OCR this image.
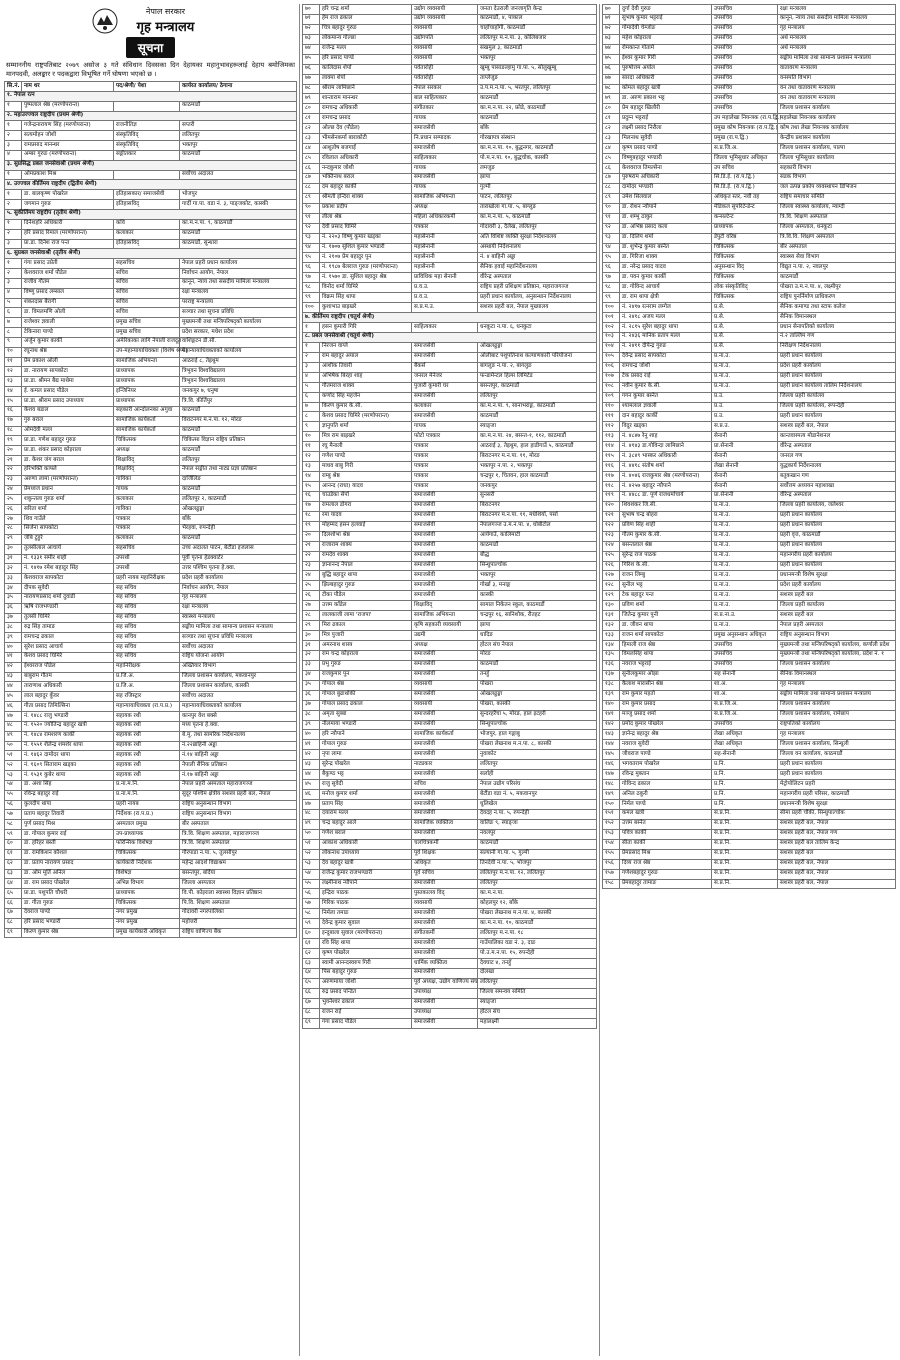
नेपाल सरकार
गृह मन्त्रालय
सूचना
सम्माननीय राष्ट्रपतिबाट २०७९ असोज ३ गते संविधान दिवसका दिन देहायका महानुभावहरूलाई देहाय बमोजिमका मानपदवी, अलङ्कार र पदकद्वारा विभूषित गर्ने घोषणा भएको छ ।
सि.नं.	नाम थर	पद/श्रेणी/ पेशा	कार्यरत कार्यालय/ ठेगाना
१. नेपाल रत्न			
१	पुष्पलाल श्रेष्ठ (मरणोपरान्त)		काठमाडौं
२. महाउज्ज्वल राष्ट्रदीप (प्रथम श्रेणी)			
१	गजेन्द्रनारायण सिंह (मरणोपरान्त)	राजनीतिज्ञ	सप्तरी
२	सत्यमोहन जोशी	संस्कृतिविद्	ललितपुर
३	रामप्रसाद मानन्धर	संस्कृतिविद्	भक्तपुर
४	अम्बर गुरुङ (मरणोपरान्त)	सङ्गीतकार	काठमाडौं
३. सुप्रसिद्ध प्रबल जनसेवाश्री (प्रथम श्रेणी)			
१	ओमप्रकाश मिश्र		सर्वोच्च अदालत
४. उज्ज्वल कीर्तिमय राष्ट्रदीप (द्वितीय श्रेणी)			
१	डा. बालकृष्ण पोखरेल	इतिहासकार/ समाजसेवी	भोजपुर
२	जगमान गुरुङ	इतिहासविद्	गार्दी गा.पा. वडा नं. ३, पाङ्जकोट, कास्की
५. सुकीर्तिमय राष्ट्रदीप (तृतीय श्रेणी)			
१	दिनेशहरि अधिकारी	कवि	का.म.न.पा. ९, काठमाडौं
२	हरि प्रसाद रिमाल (मरणोपरान्त)	कलाकार	काठमाडौं
३	प्रा.डा. दिनेश राज पन्त	इतिहासविद्	काठमाडौं, सुन्धारा
६. सुप्रबल जनसेवाश्री (तृतीय श्रेणी)			
१	गंगा प्रसाद उप्रेती	सहसचिव	नेपाल प्रहरी प्रधान कार्यालय
२	केशवराज शर्मा पौडेल	सचिव	निर्वाचन आयोग, नेपाल
३	राजीव गौतम	सचिव	कानून, न्याय तथा संसदीय मामिला मन्त्रालय
४	विष्णु प्रसाद लम्साल	सचिव	रक्षा मन्त्रालय
५	शंकरदास बैरागी	सचिव	परराष्ट्र मन्त्रालय
६	डा. विमलमणि ओली	सचिव	सञ्चार तथा सूचना प्रविधि
७	राजेश्वर ज्ञवाली	प्रमुख सचिव	मुख्यमन्त्री तथा मन्त्रिपरिषद्को कार्यालय
८	टेकिनारा पाण्डे	प्रमुख सचिव	प्रदेश सरकार, मधेश प्रदेश
९	अर्जुन कुमार कार्की	अमेरिकाका लागि नेपाली राजदूत	वाशिङ्गटन डी.सी.
१०	रघुनाथ श्रेष्ठ	उप-महान्यायाधिवक्ता (विशेष श्रेणी)	महान्यायाधिवक्ताको कार्यालय
११	प्रेम प्रकाश ओली	सामाजिक अभियन्ता	आठराई ८, तेह्रथुम
१२	डा. नारायण सापकोटा	प्राध्यापक	त्रिभुवन विश्वविद्यालय
१३	प्रा.डा. श्रीमन बैद्य माथेमा	प्राध्यापक	त्रिभुवन विश्वविद्यालय
१४	ई. कमल प्रसाद पौडेल	इन्जिनियर	जनकपुर ७, धनुषा
१५	प्रा.डा. श्रीराम प्रसाद उपाध्याय	प्राध्यापक	त्रि.वि. कीर्तिपुर
१६	केशव बडाल	सहकारी आन्दोलनका अगुवा	काठमाडौं
१७	गुरु बराल	सामाजिक कार्यकर्ता	विराटनगर म.न.पा. १२, मोरङ
१८	ओमदेवी मल्ल	सामाजिक कार्यकर्ता	काठमाडौं
१९	प्रा.डा. गणेश बहादुर गुरुङ	चिकित्सक	चिकित्सा विज्ञान राष्ट्रिय प्रतिष्ठान
२०	प्रा.डा. शंकर प्रसाद कोइराला	अध्यक्ष	काठमाडौं
२१	डा. केशर जंग बराल	शिक्षाविद्	ललितपुर
२२	हरिभक्ति काफ्ले	शिक्षाविद्	नेपाल सङ्गीत तथा नाट्य प्रज्ञा प्रतिष्ठान
२३	अरुणा लामा (मरणोपरान्त)	गायिका	दार्जिलिङ
२४	प्रेमध्वज प्रधान	गायक	काठमाडौं
२५	शकुन्तला गुरुङ शर्मा	कलाकार	ललितपुर २, काठमाडौं
२६	सरिता शर्मा	गायिका	ओखलढुङ्गा
२७	शिव गाउँले	पत्रकार	बाँके
२८	सिर्जना सापकोटा	पत्रकार	भैरहवा, रुपन्देही
२९	जेबि टुहुरे	कलाकार	काठमाडौं
३०	तुलसीलाल आचार्य	सहसचिव	उच्च अदालत पाटन, बेटौंडा इजलास
३१	नं. १३३१ समीर शाही	उपरथी	पूर्वी पृतना हेडक्वार्टर
३२	नं. १४१७ रमेश बहादुर सिंह	उपरथी	उत्तर पश्चिम पृतना हे.क्वा.
३३	केशवराज सापकोटा	प्रहरी नायब महानिरीक्षक	प्रदेश प्रहरी कार्यालय
३४	दीपक सुवेदी	सह सचिव	निर्वाचन आयोग, नेपाल
३५	नारायणप्रसाद शर्मा दुवाडी	सह सचिव	गृह मन्त्रालय
३६	ऋषि राजभण्डारी	सह सचिव	रक्षा मन्त्रालय
३७	तुलसी घिमिरे	सह सचिव	स्वास्थ्य मन्त्रालय
३८	रुद्र सिंह तामाङ	सह सचिव	सङ्घीय मामिला तथा सामान्य प्रशासन मन्त्रालय
३९	रामचन्द्र ढकाल	सह सचिव	सञ्चार तथा सूचना प्रविधि मन्त्रालय
४०	सुरेश प्रसाद आचार्य	सह सचिव	सर्वोच्च अदालत
४१	केशव प्रसाद घिमिरे	सह सचिव	राष्ट्रिय योजना आयोग
४२	ईश्वरराज पौडेल	महानिरीक्षक	अख्तियार विभाग
४३	बाबुराम गौतम	प्र.जि.अ.	जिल्ला प्रशासन कार्यालय, मकवानपुर
४४	ताराणाथ अधिकारी	प्र.जि.अ.	जिल्ला प्रशासन कार्यालय, कास्की
४५	लाल बहादुर कुँवर	सह रजिस्ट्रार	सर्वोच्च अदालत
४६	गीता प्रसाद तिमिल्सिना	महान्यायाधिवक्ता (रा.प.प्र.)	महान्यायाधिवक्ताको कार्यालय
४७	नं. १४८८ राजु भण्डारी	सहायक रथी	कानपुर वेश बक्से
४८	नं. १५२० ज्योतिन्द्र बहादुर खत्री	सहायक रथी	मध्य पृतना हे.क्वा.
४९	नं. १४८४ रामशरण कार्की	सहायक रथी	बे.मु. तथा सामरिक निर्देशनालय
५०	नं. १५५१ शैलेन्द्र शमशेर थापा	सहायक रथी	नं.२२ब्राहिनी अड्डा
५१	नं. १४६२ दामोदर थापा	सहायक रथी	नं.१४ बाहिनी अड्डा
५२	नं. १६०९ सिताराम खड्का	सहायक रथी	नेपाली सैनिक प्रतिष्ठान
५३	नं. १५३१ कुबेर थापा	सहायक रथी	नं.१७ बाहिनी अड्डा
५४	डा. अंशा सिंह	प्र.ना.म.नि.	नेपाल प्रहरी अस्पताल महाराजगञ्ज
५५	रविन्द्र बहादुर राई	प्र.ना.म.नि.	सुदूर पश्चिम क्षेत्रीय सशस्त्र प्रहरी बल, नेपाल
५६	कुलदीप थापा	प्रहरी नायब	राष्ट्रिय अनुसन्धान विभाग
५७	प्रताप बहादुर तिवारी	निर्देशक (रा.प.प्र.)	राष्ट्रिय अनुसन्धान विभाग
५८	पुर्ण प्रसाद मिश्र	अस्पताल प्रमुख	बीर अस्पताल
५९	डा. गोपाल कुमार राई	उप-प्राध्यापक	त्रि.वि. शिक्षण अस्पताल, महाराजगञ्ज
६०	डा. हरिहर बस्ती	फोरेन्सिक विशेषज्ञ	त्रि.वि. शिक्षण अस्पताल
६१	डा. रामकिशन कौशल	चिकित्सक	गौरपाडा न.पा. ५, तुलसीपुर
६२	डा. प्रताप नारायण प्रसाद	कार्यकारी निर्देशक	महेन्द्र आदर्श विद्याश्रम
६३	डा. ओम मूर्ति अनिल	विशेषज्ञ	बसन्तपुर, बर्दिया
६४	डा. राम प्रसाद पोखरेल	अभिन्न विभाग	जिल्ला अस्पताल
६५	प्रा.डा. पशुपति चौधरी	प्राध्यापक	वि.पी. कोइराला स्वास्थ्य विज्ञान प्रतिष्ठान
६६	डा. गीता गुरुङ	चिकित्सक	पि.वि. शिक्षण अस्पताल
६७	देवराज पाण्डे	नगर प्रमुख	गोदावरी नगरपालिका
६८	हरि प्रसाद भण्डारी	नगर प्रमुख	महोत्तरी
६९	किरण कुमार श्रेष्ठ	प्रमुख कार्यकारी अधिकृत	राष्ट्रिय वाणिज्य बैंक
७०	हरि चन्द्र शर्मा	उद्योग व्यवसायी	जनता देउराली जनजागृति केन्द्र
७१	हेम राज ढकाल	उद्योग व्यवसायी	काठमाडौं, ४, पाकाल
७२	चित्र बहादुर गुरुङ	व्यवसायी	चाहाँचाहाँगी, काठमाडौं
७३	लोकमान्य गोल्छा	उद्योगपति	ललितपुर म.न.पा. ३, कोलिबजार
७४	राजेन्द्र मल्ल	व्यवसायी	संखमुल ३, काठमाडौं
७५	हरि प्रसाद पाण्डे	व्यवसायी	भक्तपुर
७६	कालिदास शेर्पा	पर्वतारोही	खुम्बु पासाङल्हामु गा.पा. ५, सोलुखुम्बु
७७	लाक्पा शेर्पा	पर्वतारोही	ताप्लेजुङ
७८	श्रीराम लामिछाने	नेपाल सरकार	उ.प.म.न.पा. ५, भरतपुर, ललितपुर
७९	शान्ताराम मानन्धर	बाल साहित्यकार	काठमाडौं
८०	रामचन्द्र अधिकारी	संगीतकार	का.म.न.पा. २२, फ्रोडे, काठमाडौं
८१	रामचन्द्र प्रसाद	गायक	काठमाडौं
८२	ओल्छ देव (पौडेल)	समाजसेवी	बाँके
८३	भीमसेनकर्मा बाराकोटी	नि.प्रधान सम्पादक	गोरखापत्र संस्थान
८४	आशुतोष बजगाईं	समाजसेवी	का.म.न.पा. १०, बुद्धनगर, काठमाडौं
८५	रविलाल अधिकारी	साहित्यकार	पो.म.न.पा. १०, बुद्धचोक, कास्की
८६	नन्दकुमार जोशी	गायक	लमजुङ
८७	भक्तिनाथ बराल	समाजसेवी	झापा
८८	दम बहादुर कार्की	गायक	गुल्मी
८९	श्रीमती इन्दिरा शाक्य	सामाजिक अभियन्ता	पाटन, ललितपुर
९०	प्रकाश प्रदीप	अध्यक्ष	ताराखोला गा.पा. ५, बाग्लुङ
९१	लीला श्रेष्ठ	महिला अधिकारकर्मी	का.म.न.पा. ५, काठमाडौं
९२	देवी प्रसाद घिमिरे	पत्रकार	गोदावरी ३, दैलेख, ललितपुर
९३	नं. २२०३ विष्णु कुमार खड्का	महासेनानी	अति विशिष्ट व्यक्ति सुरक्षा निर्देशनालय
९४	नं. १७०७ सुशिल कुमार भण्डारी	महासेनानी	अस्थायी निर्देशनालय
९५	नं. २१०७ प्रेम बहादुर पुन	महासेनानी	नं. ४ बाहिनी अड्डा
९६	नं. १९८७ बेलराज गुरुङ (मरणोपरान्त)	महासेनानी	सैनिक हवाई महानिर्देशनालय
९७	नं. १५७० डा. सुशिल बहादुर श्रेष्ठ	प्राविधिक महा सेनानी	वीरेन्द्र अस्पताल
९८	विनोद शर्मा घिमिरे	प्र.व.उ.	राष्ट्रिय प्रहरी प्रशिक्षण प्रतिष्ठान, महाराजगञ्ज
९९	विक्रम सिंह थापा	प्र.व.उ.	प्रहरी प्रधान कार्यालय, अनुसन्धान निर्देशनालय
१००	कुशाभाउ बाह्रखरे	स.प्र.म.उ.	सशस्त्र प्रहरी बल, नेपाल मुख्यालय
७. कीर्तिमय राष्ट्रदीप (चतुर्थ श्रेणी)			
१	हसन कुमारी गिरि	साहित्यकार	धनकुटा न.पा. ६, धनकुटा
८. प्रबल जनसेवाश्री (चतुर्थ श्रेणी)			
१	निरंजन वाग्ले	समाजसेवी	ओखलढुङ्गा
२	राम बहादुर अयाल	समाजसेवी	ओलीबाट पशुपतिनाथ कल्याणकारी परियोजना
३	आशीक तिवारी	बैंकर्स	बागलुङ न.पा. २, बागलुङ
४	अभिषेक बिरहा शाह	जनरल मेनेजर	फन्डामेन्टल हिल्स लिमिटेड
५	गौतमराज शाक्य	पुजारी कुमारी घर	बसन्तपुर, काठमाडौं
६	कर्णाद सिंह महर्जन	समाजसेवी	ललितपुर
७	किरण कुमार के.सी.	कलाकार	का.म.न.पा. ९, सानाभरांङ्ग, काठमाडौं
८	केशव प्रसाद घिमिरे (मरणोपरान्त)	समाजसेवी	काठमाडौं
९	ज्ञानुपति शर्मा	गायक	स्याङ्जा
१०	मित्र राम बाह्रखरे	फोटो पत्रकार	का.म.न.पा. २४, बसन्त-१, ११२, काठमाडौं
११	रघु मैनाली	पत्रकार	आठराई ३, तेह्रथुम, हाल हाडीगाउँ ५, काठमाडौं
१२	गणेश पाण्डे	पत्रकार	बिराटनगर म.न.पा. ११, मोरङ
१३	माधव बाबु गिरी	पत्रकार	भक्तपुर न.पा. २, भक्तपुर
१४	राम्बु श्रेष्ठ	पत्रकार	चन्द्रपुर १, चितवन, हाल काठमाडौं
१५	आनन्द (राधा) यादव	पत्रकार	जनकपुर
१६	चाउडेका सेर्पा	समाजसेवी	सुनसरी
१७	रामलाल डोगरा	समाजसेवी	बिराटनगर
१८	रमा यादव	समाजसेवी	बिराटनगर म.न.पा. ११, मधेशियाँ, पर्सा
१९	मोहम्मद हसन हलवाई	समाजसेवी	नेपालगञ्ज उ.म.न.पा. ४, धोबीटोल
२०	दिलशोभा श्रेष्ठ	समाजसेवी	आर्यगाउँ, कालिमाटी
२१	राजाराम शाक्य	समाजसेवी	काठमाडौं
२२	रामदेव शाक्य	समाजसेवी	बौद्ध
२३	ज्ञानानन्द नेपाल	समाजसेवी	सिन्धुपाल्चोक
२४	बुद्धि बहादुर थापा	समाजसेवी	भक्तपुर
२५	झिल्बहादुर गुरुङ	समाजसेवी	गोर्खा ३, मनाङ्ग
२६	टीका पौडेल	समाजसेवी	कास्की
२७	उत्तम काँडेल	शिक्षाविद्	सामाल निकेतन स्कुल, काठमाडौं
२८	लालकाजी लामा 'राजपा'	सामाजिक अभियन्ता	चन्द्रपुर १६, सानिशोक, रौतहट
२९	मिरा ढकाल	कृषि सहकारी व्यवसायी	झापा
३०	मित्र पुजारी	उद्यमी	धादिङ
३१	अमरनाथ शास्त्र	अध्यक्ष	होटल संघ नेपाल
३२	राम चन्द्र कोइराला	समाजसेवी	मोरङ
३३	प्रभु गुरुङ	समाजसेवी	काठमाडौं
३४	राजकुमार पुन	समाजसेवी	तनहुँ
३५	गोपाल श्रेष्ठ	व्यवसायी	पोखरा
३६	गोपाल बुढाथोकी	समाजसेवी	ओखलढुङ्गा
३७	गोपाल प्रसाद ढकाल	व्यवसायी	पोखरा, कास्की
३८	अमृता सुब्बा	समाजसेवी	सुन्दरहरैंचा ५, मोरङ, हाल इटहरी
३९	नीलमाया भण्डारी	समाजसेवी	सिन्धुपाल्चोक
४०	हरि न्यौपाने	सामाजिक कार्यकर्ता	भोजपुर, हाल गङ्गाबु
४१	गोपाल गुरुङ	समाजसेवी	पोखरा लेखनाथ म.न.पा. ८, कास्की
४२	नृपा लामा	समाजसेवी	नुवाकोट
४३	सुरेन्द्र पोखरेल	नाट्यकार	ललितपुर
४४	बैकुण्ठ भट्ट	समाजसेवी	सर्लाही
४५	राजु सुवेदी	सचिव	नेपाल उद्योग परिसंघ
४६	मनोज कुमार शर्मा	समाजसेवी	बेटौंडा वडा नं. ५, मकवानपुर
४७	प्रताप सिंह	समाजसेवी	धुलिखेल
४८	दयाराम मल्ल	समाजसेवी	देवदह न.पा. ५, रुपन्देही
४९	चन्द्र बहादुर आले	सामाजिक व्यक्तित्व	वालिङ ९, स्याङ्जा
५०	गणेश बराल	समाजसेवी	नवलपुर
५१	आकाश अधिकारी	चलचित्रकर्मी	काठमाडौं
५२	लोकनाथ उपाध्याय	पूर्व शिक्षक	सल्यानी गा.पा. ५, गुल्मी
५३	देव बहादुर खत्री	अधिकृत	तिनदेवी न.पा. ५, भोजपुर
५४	राजेन्द्र कुमार राजभण्डारी	पूर्व सचिव	ललितपुर म.न.पा. १२, ललितपुर
५५	लक्ष्मीनाथ न्यौपाने	समाजसेवी	ललितपुर
५६	इन्द्रिरा पाठक	पुस्तकालय विद्	का.म.न.पा.
५७	गिरिक पाठक	व्यवसायी	कोहलपुर १२, बाँके
५८	निर्मला तमाङ	समाजसेवी	पोखरा लेखनाथ म.न.पा. ४, कास्की
५९	देवेन्द्र कुमार सुवाल	समाजसेवी	का.म.न.पा. १०, काठमाडौं
६०	इन्दुबाला सुवाल (मरणोपरान्त)	संगीतकर्मी	ललितपुर म.न.पा. १८
६१	रवि सिंह थापा	समाजसेवी	गाउँपालिका वडा नं. ३, दाङ
६२	कृष्ण पोखरेल	समाजसेवी	पो.उ.म.न.पा. १५, रुपन्देही
६३	स्वामी आनन्दस्वरुप गिरी	धार्मिक व्यक्तित्व	देवघाट ४, तनहुँ
६४	पिस बहादुर गुरुङ	समाजसेवी	दोलखा
६५	अरुणमाया जोशी	पूर्व अध्यक्ष, उद्योग वाणिज्य संघ	ललितपुर
६६	रुद्र प्रसाद पन्डित	उपाध्यक्ष	जिल्ला समन्वय समिति
६७	भुवनेश्वर ढकाल	समाजसेवी	स्याङ्जा
६८	राजन राई	उपाध्यक्ष	होटल संघ
६९	गंगा प्रसाद पौडेल	समाजसेवी	महालक्ष्मी
७०	दुर्गा देवी गुरुङ	उपसचिव	रक्षा मन्त्रालय
७१	सुभाष कुमार भट्टराई	उपसचिव	कानून, न्याय तथा संसदीय मामिला मन्त्रालय
७२	गोमादेवी चेम्जोङ	उपसचिव	गृह मन्त्रालय
७३	महेश कोइराला	उपसचिव	अर्थ मन्त्रालय
७४	रोमकान्त गोतामे	उपसचिव	अर्थ मन्त्रालय
७५	ईश्वर कुमार गिरी	उपसचिव	सङ्घीय मामिला तथा सामान्य प्रशासन मन्त्रालय
७६	पुरुषोत्तम अर्याल	उपसचिव	वातावरण मन्त्रालय
७७	सारदा अधिकारी	उपसचिव	वनस्पति विभाग
७८	कोमल बहादुर खत्री	उपसचिव	वन तथा वातावरण मन्त्रालय
७९	डा. अरुण प्रकाश भट्ट	उपसचिव	वन तथा वातावरण मन्त्रालय
८०	प्रेम बहादुर खिलौरी	उपसचिव	जिल्ला प्रशासन कार्यालय
८१	प्रदुम्न भट्टराई	उप महालेखा नियन्त्रक (रा.प.द्वि.)	महालेखा नियन्त्रक कार्यालय
८२	लक्ष्मी प्रसाद निरौला	प्रमुख कोष नियन्त्रक (रा.प.द्वि.)	कोष तथा लेखा नियन्त्रक कार्यालय
८३	मिलनाथ सुवेदी	प्रमुख (रा.प.द्वि.)	केन्द्रीय प्रशासन कार्यालय
८४	कृष्ण प्रसाद पाण्डे	स.प्र.जि.अ.	जिल्ला प्रशासन कार्यालय, पाल्पा
८५	विष्णुबहादुर भण्डारी	जिल्ला भूमिसुधार अधिकृत	जिल्ला भूमिसुधार कार्यालय
८६	केशवराज तिमल्सेना	उप सचिव	सहकारी विभाग
८७	पुरुषराम अधिकारी	सि.डि.ई. (रा.प.द्वि.)	सडक विभाग
८८	दामोदर भण्डारी	सि.डि.ई. (रा.प.द्वि.)	जल उत्पन्न प्रकोप व्यवस्थापन डिभिजन
८९	उमेश सिलवाल	अधिकृत स्तर, नवौं तह	राष्ट्रिय समाचार समिति
९०	डा. रोशन न्यौपाने	मेडिकल सुपरिटेन्डेन्ट	जिल्ला स्वास्थ्य कार्यालय, म्याग्दी
९१	डा. शम्भु ठाकुर	कन्सल्टेन्ट	त्रि.वि. शिक्षण अस्पताल
९२	डा. अभिष्ठ प्रसाद कला	प्राध्यापक	जिल्ला अस्पताल, धनकुटा
९३	डा. दिलिप शर्मा	डेपुटी वरिष्ठ	त्रि.वि.वि. शिक्षण अस्पताल
९४	डा. शुभेन्द्र कुमार बस्नेत	चिकित्सक	बीर अस्पताल
९५	डा. गिरिजा शाक्य	चिकित्सक	स्वास्थ्य सेवा विभाग
९६	डा. नरेन्द्र प्रसाद यादव	अनुसन्धान विद्	विद्युत न.पा. २, नवलपुर
९७	डा. पवन कुमार कार्की	चिकित्सक	काठमाडौं
९८	डा. गोविन्द आचार्य	लोक संस्कृतिविद्	पोखरा उ.म.न.पा. ४, लक्ष्मीपुर
९९	डा. राम थापा क्षेत्री	चिकित्सक	राष्ट्रिय पुनर्निर्माण प्राधिकरण
१००	नं. २४१७ रत्नराम लम्गेल	प्र.से.	सैनिक कमाण्ड तथा स्टाफ कलेज
१०१	नं. २४१८ अजय मल्ल	प्र.से.	सैनिक विमानस्थल
१०२	नं. २८१५ सुरेश बहादुर थापा	प्र.से.	प्रधान सेनापतिको कार्यालय
१०३	नं. २४३६ मानिक प्रताप मल्ल	प्र.से.	नं.२ ताल्लिम गण
१०४	नं. २४११ दीपेन्द्र गुरुङ	प्र.से.	निरीक्षण निर्देशनालय
१०५	देवेन्द्र प्रसाद सापकोटा	प्र.ना.उ.	प्रहरी प्रधान कार्यालय
१०६	रामचन्द्र जोशी	प्र.ना.उ.	प्रदेश प्रहरी कार्यालय
१०७	टेक प्रसाद राई	प्र.ना.उ.	प्रहरी प्रधान कार्यालय
१०८	नवीन कुमार के.सी.	प्र.ना.उ.	प्रहरी प्रधान कार्यालय तालिम निर्देशनालय
१०९	गगन कुमार बस्नेत	प्र.उ.	जिल्ला प्रहरी कार्यालय
११०	श्यामलाल ज्ञवाली	प्र.उ.	जिल्ला प्रहरी कार्यालय, रूपन्देही
१११	दान बहादुर कार्की	प्र.उ.	प्रहरी प्रधान कार्यालय
११२	विदुर खड्का	स.प्र.उ.	सशस्त्र प्रहरी बल, नेपाल
११३	नं. ४८४७ रेनु शाह	सेनानी	कान्तवास्पत्य मोडानेशनल
११४	नं. ४१४३ डा.गोविन्दा लामिछाने	प्रा.सेनानी	वीरेन्द्र अस्पताल
११५	नं. ३८४९ भास्कर अधिकारी	सेनानी	जनरल गण
११६	नं. ४४१८ संतोष शर्मा	लेखा सेनानी	युद्धकार्य निर्देशनालय
११७	नं. ४०४६ राजकुमार श्रेष्ठ (मरणोपरान्त)	सेनानी	बतुकखान गण
११८	नं. ४२५७ बहादुर न्यौपाने	सेनानी	सर्वोत्तम अध्ययन महाशाखा
११९	नं. ४४८८ डा. पूर्ण राजधर्माचार्य	प्रा.सेनानी	वीरेन्द्र अस्पताल
१२०	शिवशंकर जि.सी.	प्र.ना.उ.	जिल्ला प्रहरी कार्यालय, जलेश्वर
१२१	सुभाष चन्द्र बोहरा	प्र.ना.उ.	प्रहरी प्रधान कार्यालय
१२२	प्रविण सिंह शाही	प्र.ना.उ.	प्रहरी प्रधान कार्यालय
१२३	गौतम कुमार के.सी.	प्र.ना.उ.	प्रहरी वृत्त, काठमाडौं
१२४	बसन्तलाल श्रेष्ठ	प्र.ना.उ.	प्रहरी प्रधान कार्यालय
१२५	सुरेन्द्र राज पाठक	प्र.ना.उ.	महानगरीय प्रहरी कार्यालय
१२६	गिरिश के.सी.	प्र.ना.उ.	प्रहरी प्रधान कार्यालय
१२७	राजन लिम्बु	प्र.ना.उ.	प्रधानमन्त्री विशेष सुरक्षा
१२८	सुनील भट्ट	प्र.ना.उ.	प्रदेश प्रहरी कार्यालय
१२९	टेक बहादुर पन्त	प्र.ना.उ.	सशस्त्र प्रहरी बल
१३०	प्रविण शर्मा	प्र.ना.उ.	जिल्ला प्रहरी कार्यालय
१३१	जितेन्द्र कुमार पुनी	स.प्र.ना.उ.	सशस्त्र प्रहरी बल
१३२	डा. जीवन थापा	प्र.ना.उ.	नेपाल प्रहरी अस्पताल
१३३	राजन शर्मा सापकोटा	प्रमुख अनुसन्धान अधिकृत	राष्ट्रिय अनुसन्धान विभाग
१३४	हिमाली राज श्रेष्ठ	उपसचिव	मुख्यमन्त्री तथा मन्त्रिपरिषद्को कार्यालय, कर्णाली प्रदेश
१३५	विमलसिंह थापा	उपसचिव	मुख्यमन्त्री तथा मन्त्रिपरिषद्को कार्यालय, प्रदेश नं. १
१३६	नवराज भट्टराई	उपसचिव	जिल्ला प्रशासन कार्यालय
१३७	सुनीलकुमार ओझा	सह सेनानी	सैनिक विमानस्थल
१३८	कैलाश मारासीन श्रेष्ठ	शा.अ.	गृह मन्त्रालय
१३९	राम कुमार महतो	शा.अ.	सङ्घीय मामिला तथा सामान्य प्रशासन मन्त्रालय
१४०	राम कुमार प्रसाद	स.प्र.जि.अ.	जिल्ला प्रशासन कार्यालय
१४१	मञ्जु प्रसाद शर्मा	स.प्र.जि.अ.	जिल्ला प्रशासन कार्यालय, रामेछाप
१४२	प्रमोद कुमार पोखरेल	उपसचिव	राष्ट्रपतिको कार्यालय
१४३	ज्ञानेन्द्र बहादुर श्रेष्ठ	लेखा अधिकृत	गृह मन्त्रालय
१४४	नवराज सुवेदी	लेखा अधिकृत	जिल्ला प्रशासन कार्यालय, सिन्धुली
१४५	जीवराज पाण्डे	सह-सेनानी	जिल्ला वन कार्यालय, काठमाडौं
१४६	भगवतराम पोखरेल	प्र.नि.	प्रहरी प्रधान कार्यालय
१४७	रविन्द्र मुक्तान	प्र.नि.	प्रहरी प्रधान कार्यालय
१४८	गोविन्द ढकाल	प्र.नि.	मेट्रोपोलिटन प्रहरी
१४९	अनिल ठकुरी	प्र.नि.	महानगरीय प्रहरी परिसर, काठमाडौं
१५०	निर्मल पाण्डे	प्र.नि.	प्रधानमन्त्री विशेष सुरक्षा
१५१	कमल खत्री	स.प्र.नि.	सीमा प्रहरी चौकी, सिन्धुपाल्चोक
१५२	उत्तम बस्नेत	स.प्र.नि.	सशस्त्र प्रहरी बल, नेपाल
१५३	पवित्र कार्की	स.प्र.नि.	सशस्त्र प्रहरी बल, नेपाल गण
१५४	सीता कार्की	स.प्र.नि.	सशस्त्र प्रहरी बल तालिम केन्द्र
१५५	प्रेमप्रसाद मिश्र	स.प्र.नि.	सशस्त्र प्रहरी बल
१५६	दिव्य राज श्रेष्ठ	स.प्र.नि.	सशस्त्र प्रहरी बल, नेपाल
१५७	गणेशबहादुर गुरुङ	स.प्र.नि.	सशस्त्र प्रहरी बल, नेपाल
१५८	प्रेमबहादुर तामाङ	स.प्र.नि.	सशस्त्र प्रहरी बल, नेपाल
